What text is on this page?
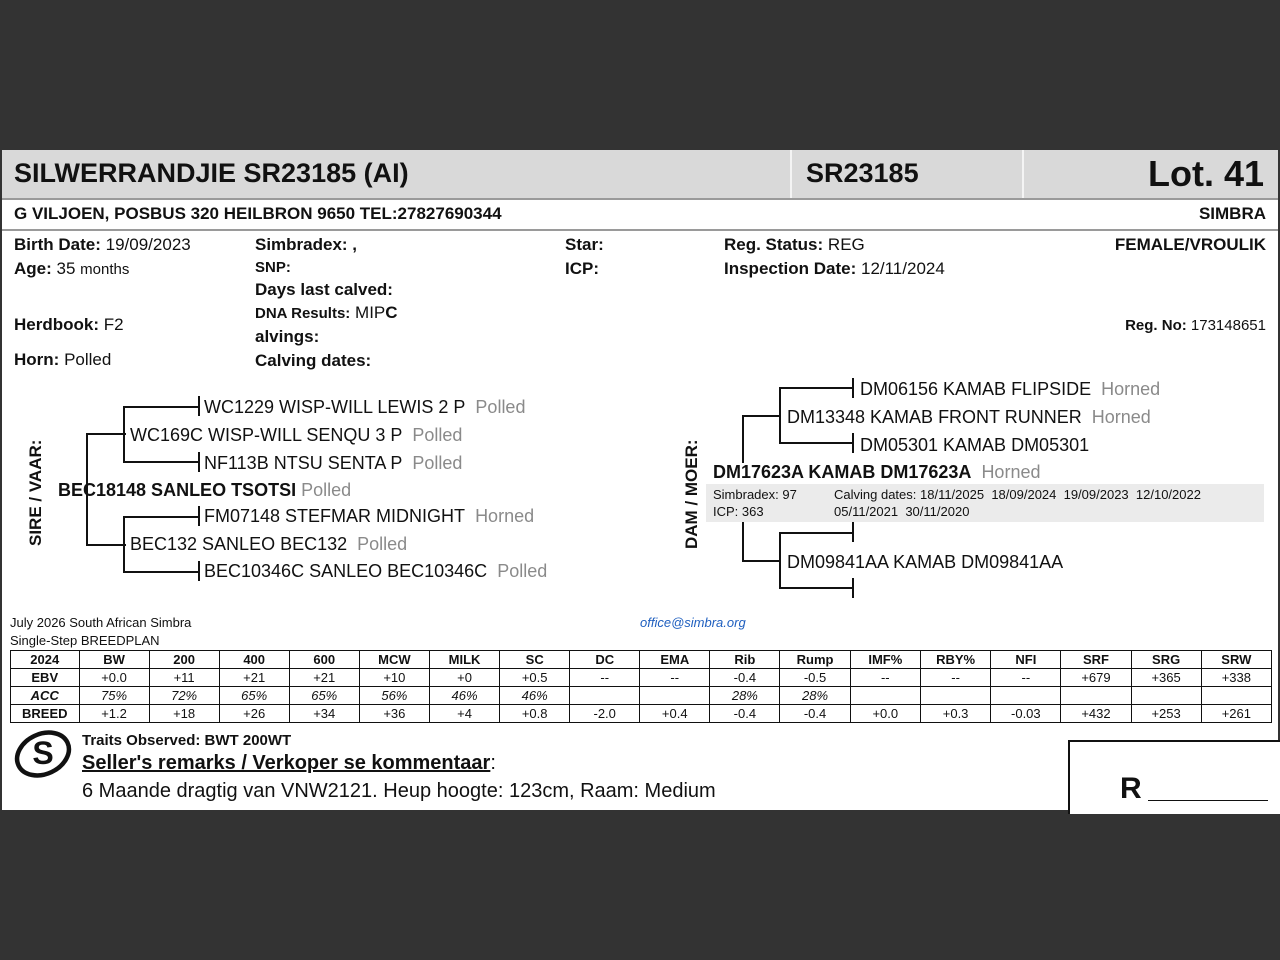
SILWERRANDJIE SR23185 (AI)	SR23185	Lot. 41
G VILJOEN, POSBUS 320 HEILBRON 9650 TEL:27827690344	SIMBRA
Birth Date: 19/09/2023
Age: 35 months
Herdbook: F2
Horn: Polled
Simbradex: ,
SNP:
Days last calved:
DNA Results: MIPC
alvings:
Calving dates:
Star:
ICP:
Reg. Status: REG
Inspection Date: 12/11/2024
FEMALE/VROULIK
Reg. No: 173148651
SIRE / VAAR:
WC1229 WISP-WILL LEWIS 2 P Polled
WC169C WISP-WILL SENQU 3 P Polled
NF113B NTSU SENTA P Polled
BEC18148 SANLEO TSOTSI Polled
FM07148 STEFMAR MIDNIGHT Horned
BEC132 SANLEO BEC132 Polled
BEC10346C SANLEO BEC10346C Polled
DAM / MOER:
DM06156 KAMAB FLIPSIDE Horned
DM13348 KAMAB FRONT RUNNER Horned
DM05301 KAMAB DM05301
DM17623A KAMAB DM17623A Horned
Simbradex: 97
ICP: 363
Calving dates: 18/11/2025  18/09/2024  19/09/2023  12/10/2022
05/11/2021  30/11/2020
DM09841AA KAMAB DM09841AA
July 2026 South African Simbra
Single-Step BREEDPLAN
office@simbra.org
2024	BW	200	400	600	MCW	MILK	SC	DC	EMA	Rib	Rump	IMF%	RBY%	NFI	SRF	SRG	SRW
EBV	+0.0	+11	+21	+21	+10	+0	+0.5	--	--	-0.4	-0.5	--	--	--	+679	+365	+338
ACC	75%	72%	65%	65%	56%	46%	46%			28%	28%						
BREED	+1.2	+18	+26	+34	+36	+4	+0.8	-2.0	+0.4	-0.4	-0.4	+0.0	+0.3	-0.03	+432	+253	+261
S Traits Observed: BWT 200WT
Seller's remarks / Verkoper se kommentaar:
6 Maande dragtig van VNW2121. Heup hoogte: 123cm, Raam: Medium	R
